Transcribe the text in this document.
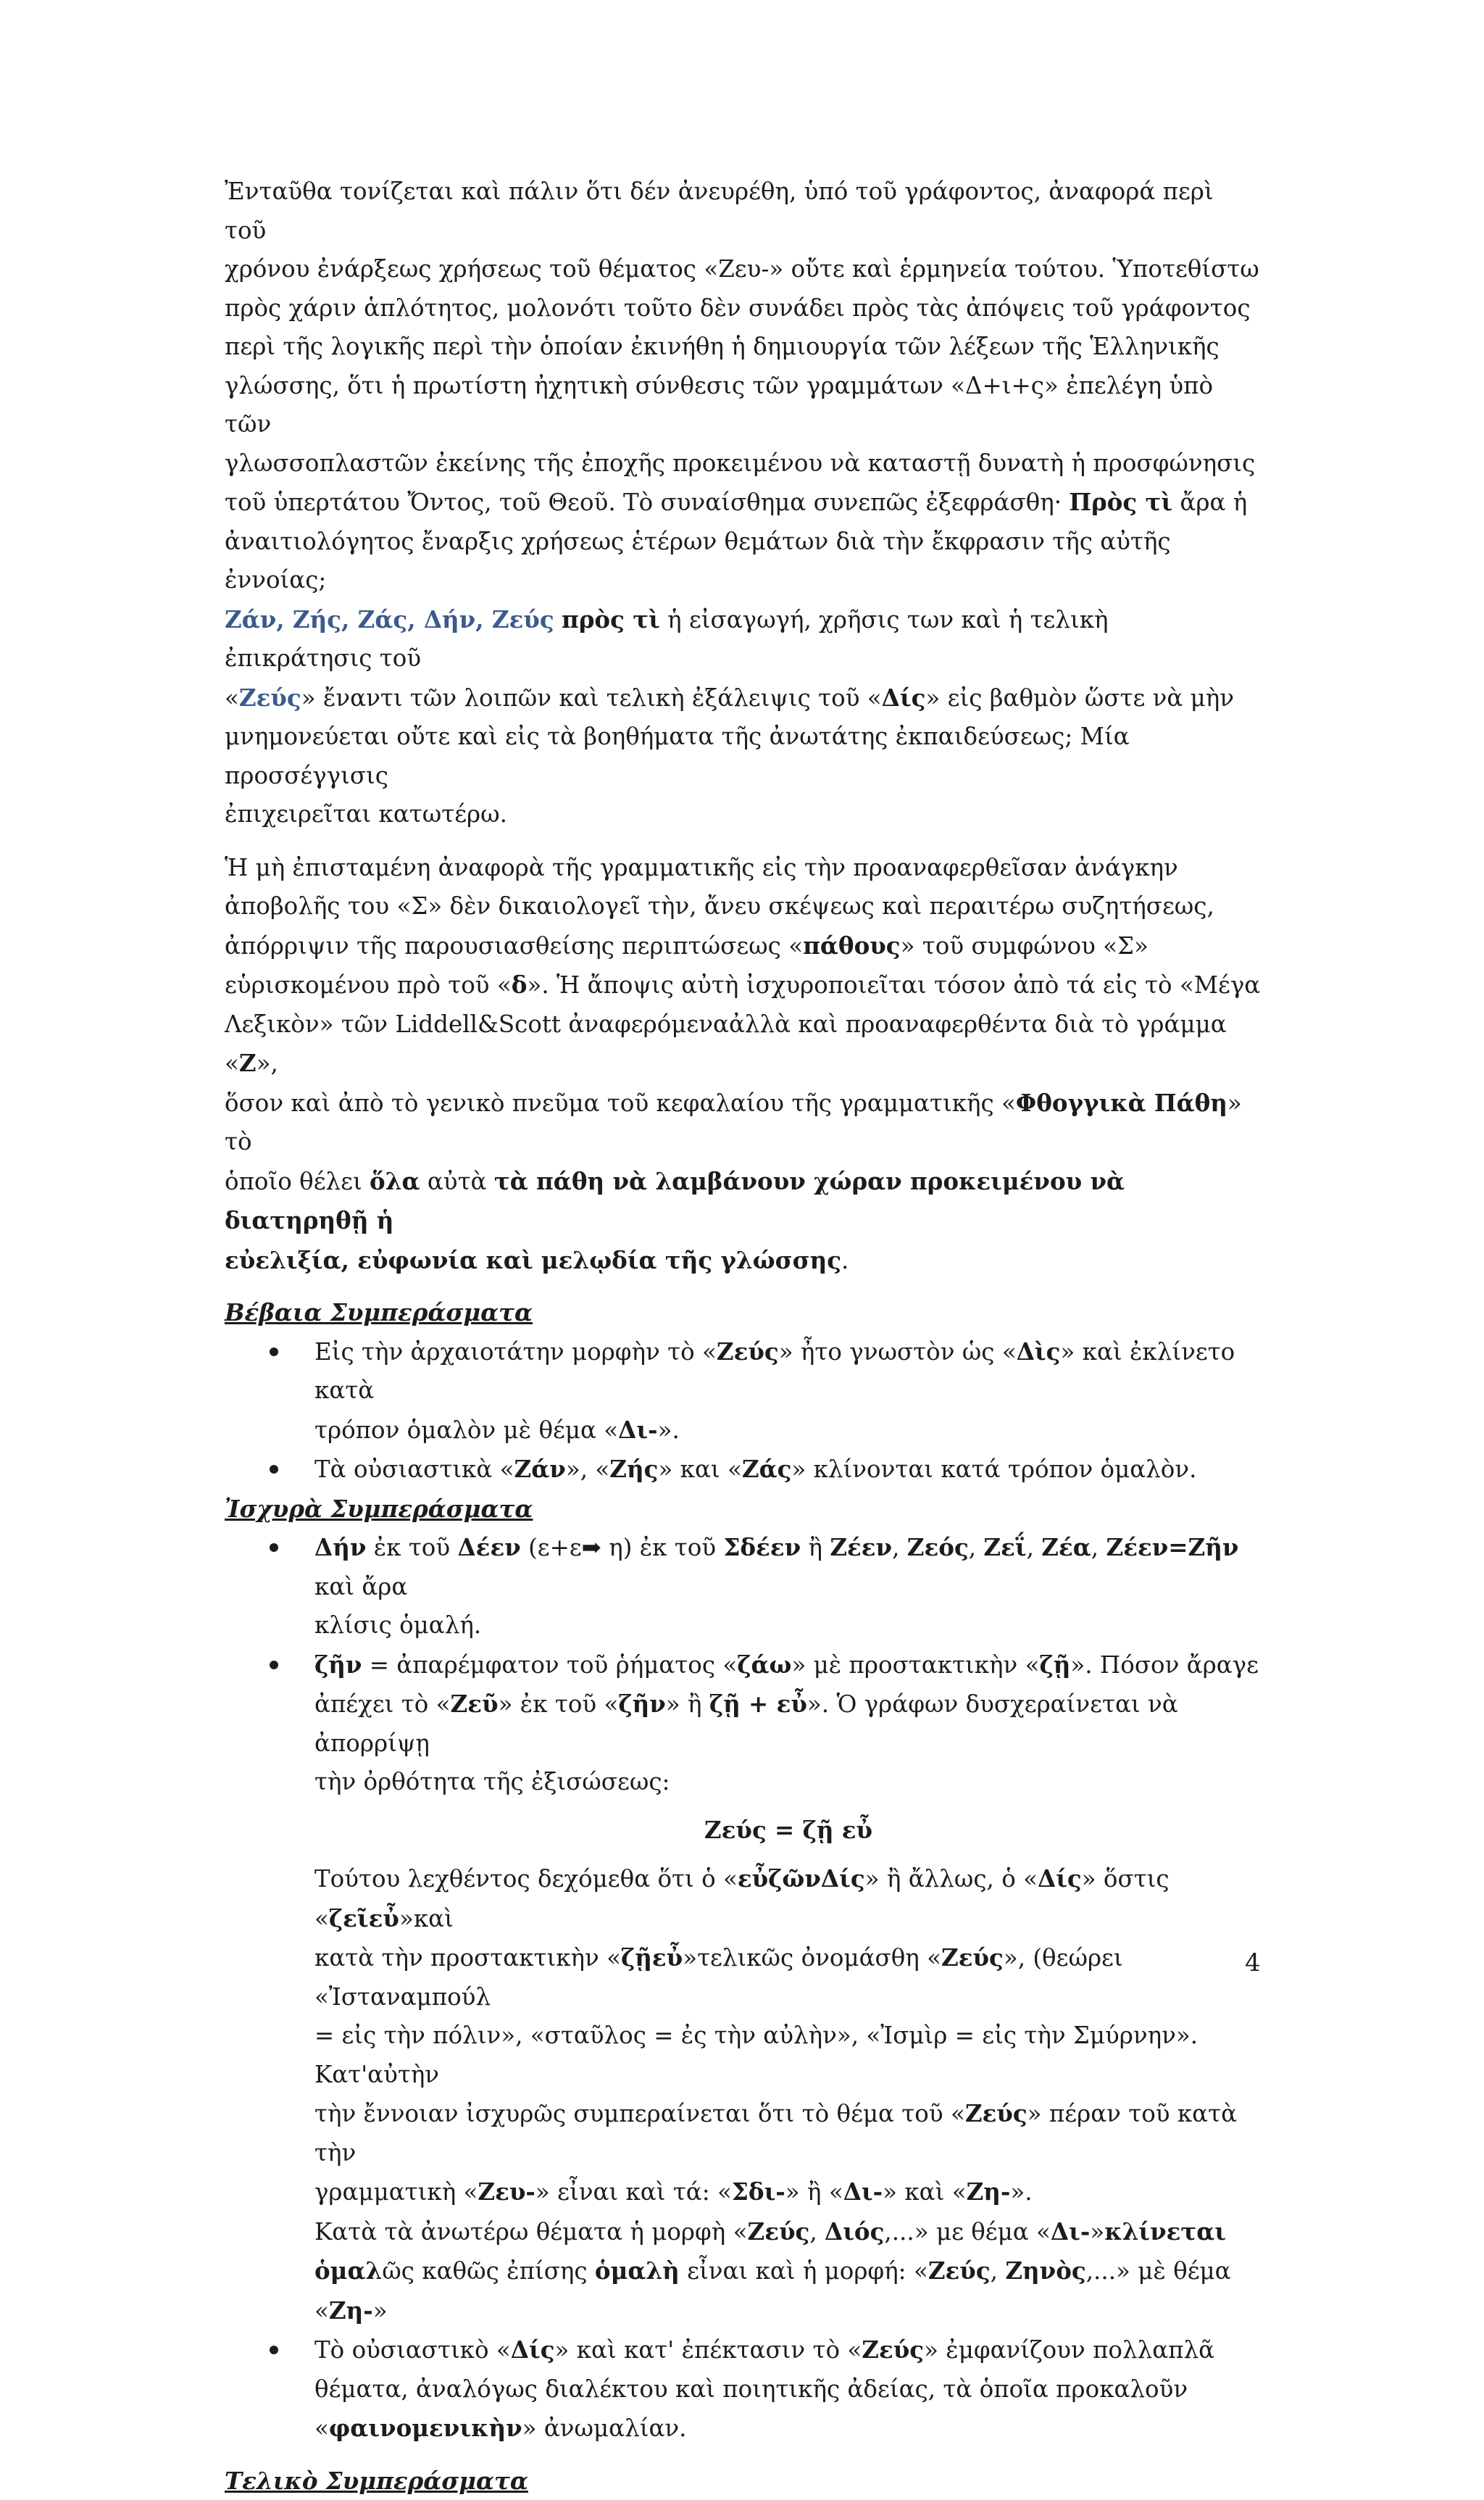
Ἐνταῦθα τονίζεται καὶ πάλιν ὅτι δέν ἀνευρέθη, ὑπό τοῦ γράφοντος, ἀναφορά περὶ τοῦ

χρόνου ἐνάρξεως χρήσεως τοῦ θέματος «Ζευ-» οὔτε καὶ ἑρμηνεία τούτου. Ὑποτεθίστω

πρὸς χάριν ἁπλότητος, μολονότι τοῦτο δὲν συνάδει πρὸς τὰς ἀπόψεις τοῦ γράφοντος

περὶ τῆς λογικῆς περὶ τὴν ὁποίαν ἐκινήθη ἡ δημιουργία τῶν λέξεων τῆς Ἑλληνικῆς

γλώσσης, ὅτι ἡ πρωτίστη ἠχητικὴ σύνθεσις τῶν γραμμάτων «Δ+ι+ς» ἐπελέγη ὑπὸ τῶν

γλωσσοπλαστῶν ἐκείνης τῆς ἐποχῆς προκειμένου νὰ καταστῇ δυνατὴ ἡ προσφώνησις

τοῦ ὑπερτάτου Ὄντος, τοῦ Θεοῦ. Τὸ συναίσθημα συνεπῶς ἐξεφράσθη· Πρὸς τὶ ἄρα ἡ

ἀναιτιολόγητος ἔναρξις χρήσεως ἑτέρων θεμάτων διὰ τὴν ἔκφρασιν τῆς αὐτῆς ἐννοίας;

Ζάν, Ζής, Ζάς, Δήν, Ζεύς πρὸς τὶ ἡ εἰσαγωγή, χρῆσις των καὶ ἡ τελικὴ ἐπικράτησις τοῦ

«Ζεύς» ἔναντι τῶν λοιπῶν καὶ τελικὴ ἐξάλειψις τοῦ «Δίς» εἰς βαθμὸν ὥστε νὰ μὴν

μνημονεύεται οὔτε καὶ εἰς τὰ βοηθήματα τῆς ἀνωτάτης ἐκπαιδεύσεως; Μία προσσέγγισις

ἐπιχειρεῖται κατωτέρω.

Ἡ μὴ ἐπισταμένη ἀναφορὰ τῆς γραμματικῆς εἰς τὴν προαναφερθεῖσαν ἀνάγκην

ἀποβολῆς του «Σ» δὲν δικαιολογεῖ τὴν, ἄνευ σκέψεως καὶ περαιτέρω συζητήσεως,

ἀπόρριψιν τῆς παρουσιασθείσης περιπτώσεως «πάθους» τοῦ συμφώνου «Σ»

εὑρισκομένου πρὸ τοῦ «δ». Ἡ ἄποψις αὐτὴ ἰσχυροποιεῖται τόσον ἀπὸ τά εἰς τὸ «Μέγα

Λεξικὸν» τῶν Liddell&Scott ἀναφερόμεναἀλλὰ καὶ προαναφερθέντα διὰ τὸ γράμμα «Ζ»,

ὅσον καὶ ἀπὸ τὸ γενικὸ πνεῦμα τοῦ κεφαλαίου τῆς γραμματικῆς «Φθογγικὰ Πάθη» τὸ

ὁποῖο θέλει ὅλα αὐτὰ τὰ πάθη νὰ λαμβάνουν χώραν προκειμένου νὰ διατηρηθῇ ἡ

εὐελιξία, εὐφωνία καὶ μελῳδία τῆς γλώσσης.

Βέβαια Συμπεράσματα
Εἰς τὴν ἀρχαιοτάτην μορφὴν τὸ «Ζεύς» ἦτο γνωστὸν ὡς «Δὶς» καὶ ἐκλίνετο κατὰ
τρόπον ὁμαλὸν μὲ θέμα «Δι-».
Τὰ οὐσιαστικὰ «Ζάν», «Ζής» και «Ζάς» κλίνονται κατά τρόπον ὁμαλὸν.
Ἰσχυρὰ Συμπεράσματα
Δήν ἐκ τοῦ Δέεν (ε+ε➡ η) ἐκ τοῦ Σδέεν ἢ Ζέεν, Ζεός, Ζεΐ, Ζέα, Ζέεν=Ζῆν καὶ ἄρα
κλίσις ὁμαλή.
ζῆν = ἀπαρέμφατον τοῦ ῥήματος «ζάω» μὲ προστακτικὴν «ζῇ». Πόσον ἄραγε
ἀπέχει τὸ «Ζεῦ» ἐκ τοῦ «ζῆν» ἢ ζῇ + εὖ». Ὁ γράφων δυσχεραίνεται νὰ ἀπορρίψῃ
τὴν ὀρθότητα τῆς ἐξισώσεως:

Ζεύς = ζῇ εὖ

Τούτου λεχθέντος δεχόμεθα ὅτι ὁ «εὖζῶνΔίς» ἢ ἄλλως, ὁ «Δίς» ὅστις «ζεῖεὖ»καὶ

κατὰ τὴν προστακτικὴν «ζῇεὖ»τελικῶς ὀνομάσθη «Ζεύς», (θεώρει «Ἰσταναμπούλ

= εἰς τὴν πόλιν», «σταῦλος = ἐς τὴν αὐλὴν», «Ἰσμὶρ = εἰς τὴν Σμύρνην». Κατ'αὐτὴν

τὴν ἔννοιαν ἰσχυρῶς συμπεραίνεται ὅτι τὸ θέμα τοῦ «Ζεύς» πέραν τοῦ κατὰ τὴν

γραμματικὴ «Ζευ-» εἶναι καὶ τά: «Σδι-» ἢ «Δι-» καὶ «Ζη-».

Κατὰ τὰ ἀνωτέρω θέματα ἡ μορφὴ «Ζεύς, Διός,...» με θέμα «Δι-»κλίνεται

ὁμαλῶς καθῶς ἐπίσης ὁμαλὴ εἶναι καὶ ἡ μορφή: «Ζεύς, Ζηνὸς,...» μὲ θέμα «Ζη-»

Τὸ οὐσιαστικὸ «Δίς» καὶ κατ' ἐπέκτασιν τὸ «Ζεύς» ἐμφανίζουν πολλαπλᾶ
θέματα, ἀναλόγως διαλέκτου καὶ ποιητικῆς ἀδείας, τὰ ὁποῖα προκαλοῦν
«φαινομενικὴν» ἀνωμαλίαν.
Τελικὸ Συμπεράσματα
4
